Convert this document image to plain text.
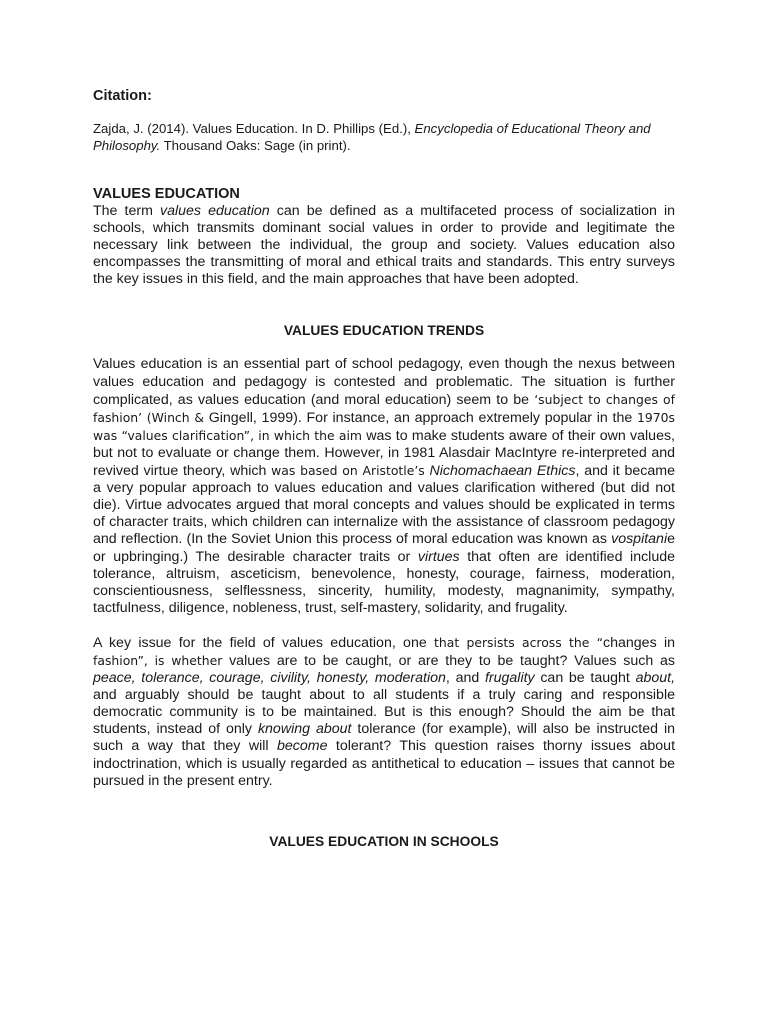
Citation:

Zajda, J. (2014). Values Education. In D. Phillips (Ed.), Encyclopedia of Educational Theory and Philosophy. Thousand Oaks: Sage (in print).

VALUES EDUCATION

The term values education can be defined as a multifaceted process of socialization in schools, which transmits dominant social values in order to provide and legitimate the necessary link between the individual, the group and society. Values education also encompasses the transmitting of moral and ethical traits and standards. This entry surveys the key issues in this field, and the main approaches that have been adopted.

VALUES EDUCATION TRENDS

Values education is an essential part of school pedagogy, even though the nexus between values education and pedagogy is contested and problematic. The situation is further complicated, as values education (and moral education) seem to be ‘subject to changes of fashion’ (Winch & Gingell, 1999). For instance, an approach extremely popular in the 1970s was “values clarification”, in which the aim was to make students aware of their own values, but not to evaluate or change them. However, in 1981 Alasdair MacIntyre re-interpreted and revived virtue theory, which was based on Aristotle’s Nichomachaean Ethics, and it became a very popular approach to values education and values clarification withered (but did not die). Virtue advocates argued that moral concepts and values should be explicated in terms of character traits, which children can internalize with the assistance of classroom pedagogy and reflection. (In the Soviet Union this process of moral education was known as vospitanie or upbringing.) The desirable character traits or virtues that often are identified include tolerance, altruism, asceticism, benevolence, honesty, courage, fairness, moderation, conscientiousness, selflessness, sincerity, humility, modesty, magnanimity, sympathy, tactfulness, diligence, nobleness, trust, self-mastery, solidarity, and frugality.

A key issue for the field of values education, one that persists across the “changes in fashion”, is whether values are to be caught, or are they to be taught? Values such as peace, tolerance, courage, civility, honesty, moderation, and frugality can be taught about, and arguably should be taught about to all students if a truly caring and responsible democratic community is to be maintained. But is this enough? Should the aim be that students, instead of only knowing about tolerance (for example), will also be instructed in such a way that they will become tolerant? This question raises thorny issues about indoctrination, which is usually regarded as antithetical to education – issues that cannot be pursued in the present entry.

VALUES EDUCATION IN SCHOOLS
